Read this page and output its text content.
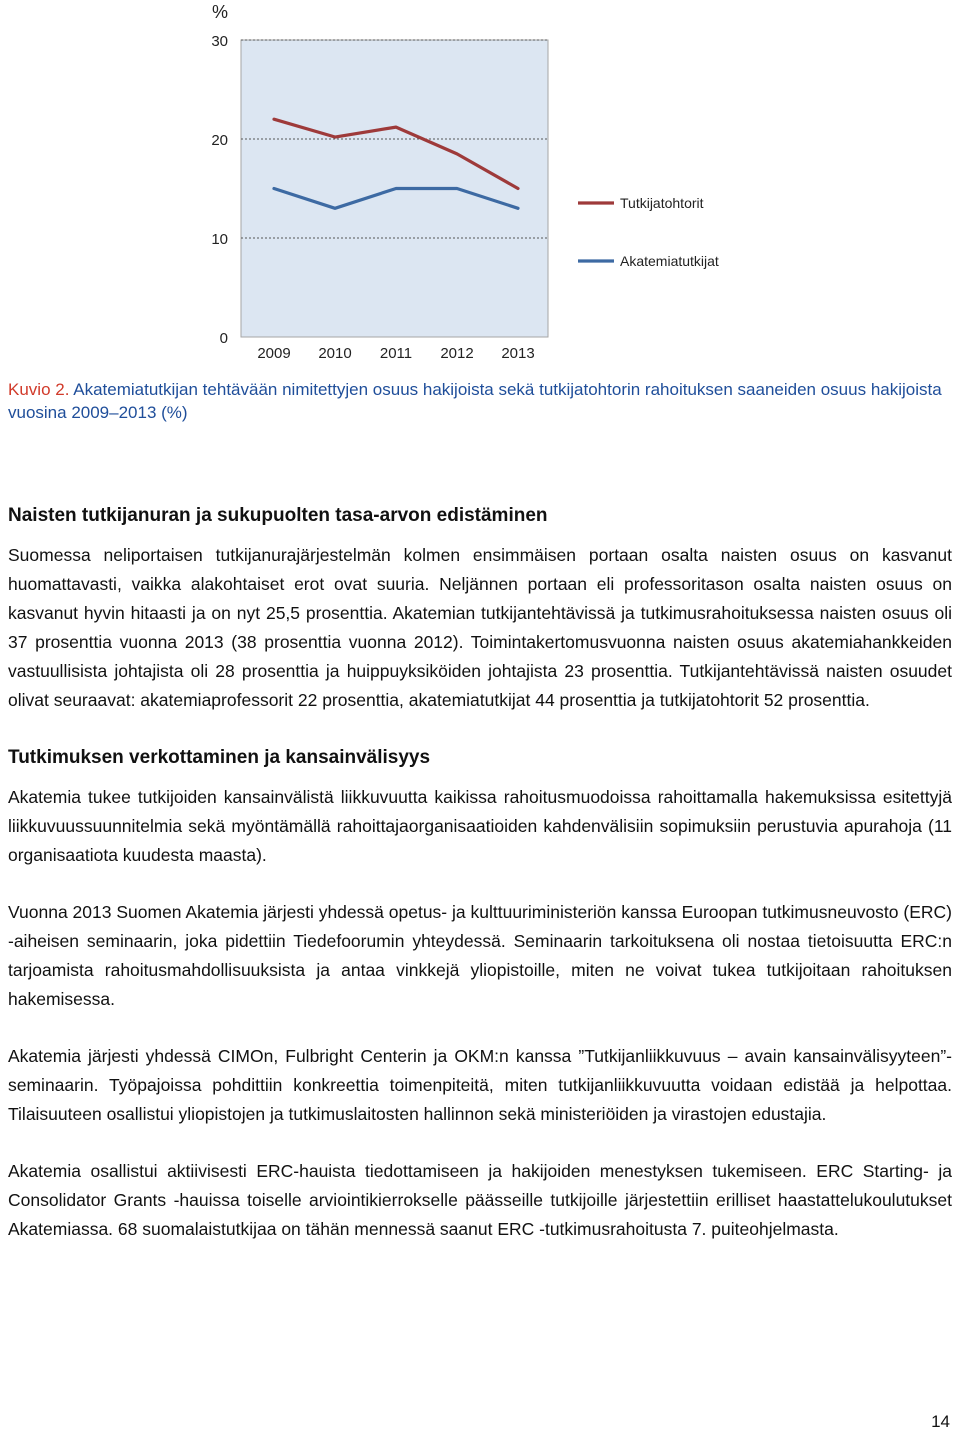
0
10
20
30
%
2009 2010 2011 2012 2013
Tutkijatohtorit
Akatemiatutkijat
Kuvio 2. Akatemiatutkijan tehtävään nimitettyjen osuus hakijoista sekä tutkijatohtorin rahoituksen saaneiden osuus hakijoista vuosina 2009–2013 (%)
Naisten tutkijanuran ja sukupuolten tasa-arvon edistäminen

Suomessa neliportaisen tutkijanurajärjestelmän kolmen ensimmäisen portaan osalta naisten osuus on kasvanut huomattavasti, vaikka alakohtaiset erot ovat suuria. Neljännen portaan eli professoritason osalta naisten osuus on kasvanut hyvin hitaasti ja on nyt 25,5 prosenttia. Akatemian tutkijantehtävissä ja tutkimusrahoituksessa naisten osuus oli 37 prosenttia vuonna 2013 (38 prosenttia vuonna 2012). Toimintakertomusvuonna naisten osuus akatemiahankkeiden vastuullisista johtajista oli 28 prosenttia ja huippuyksiköiden johtajista 23 prosenttia. Tutkijantehtävissä naisten osuudet olivat seuraavat: akatemiaprofessorit 22 prosenttia, akatemiatutkijat 44 prosenttia ja tutkijatohtorit 52 prosenttia.

Tutkimuksen verkottaminen ja kansainvälisyys

Akatemia tukee tutkijoiden kansainvälistä liikkuvuutta kaikissa rahoitusmuodoissa rahoittamalla hakemuksissa esitettyjä liikkuvuussuunnitelmia sekä myöntämällä rahoittajaorganisaatioiden kahdenvälisiin sopimuksiin perustuvia apurahoja (11 organisaatiota kuudesta maasta).

Vuonna 2013 Suomen Akatemia järjesti yhdessä opetus- ja kulttuuriministeriön kanssa Euroopan tutkimusneuvosto (ERC) -aiheisen seminaarin, joka pidettiin Tiedefoorumin yhteydessä. Seminaarin tarkoituksena oli nostaa tietoisuutta ERC:n tarjoamista rahoitusmahdollisuuksista ja antaa vinkkejä yliopistoille, miten ne voivat tukea tutkijoitaan rahoituksen hakemisessa.

Akatemia järjesti yhdessä CIMOn, Fulbright Centerin ja OKM:n kanssa ”Tutkijanliikkuvuus – avain kansainvälisyyteen”-seminaarin. Työpajoissa pohdittiin konkreettia toimenpiteitä, miten tutkijanliikkuvuutta voidaan edistää ja helpottaa. Tilaisuuteen osallistui yliopistojen ja tutkimuslaitosten hallinnon sekä ministeriöiden ja virastojen edustajia.

Akatemia osallistui aktiivisesti ERC-hauista tiedottamiseen ja hakijoiden menestyksen tukemiseen. ERC Starting- ja Consolidator Grants -hauissa toiselle arviointikierrokselle päässeille tutkijoille järjestettiin erilliset haastattelukoulutukset Akatemiassa. 68 suomalaistutkijaa on tähän mennessä saanut ERC -tutkimusrahoitusta 7. puiteohjelmasta.

14
